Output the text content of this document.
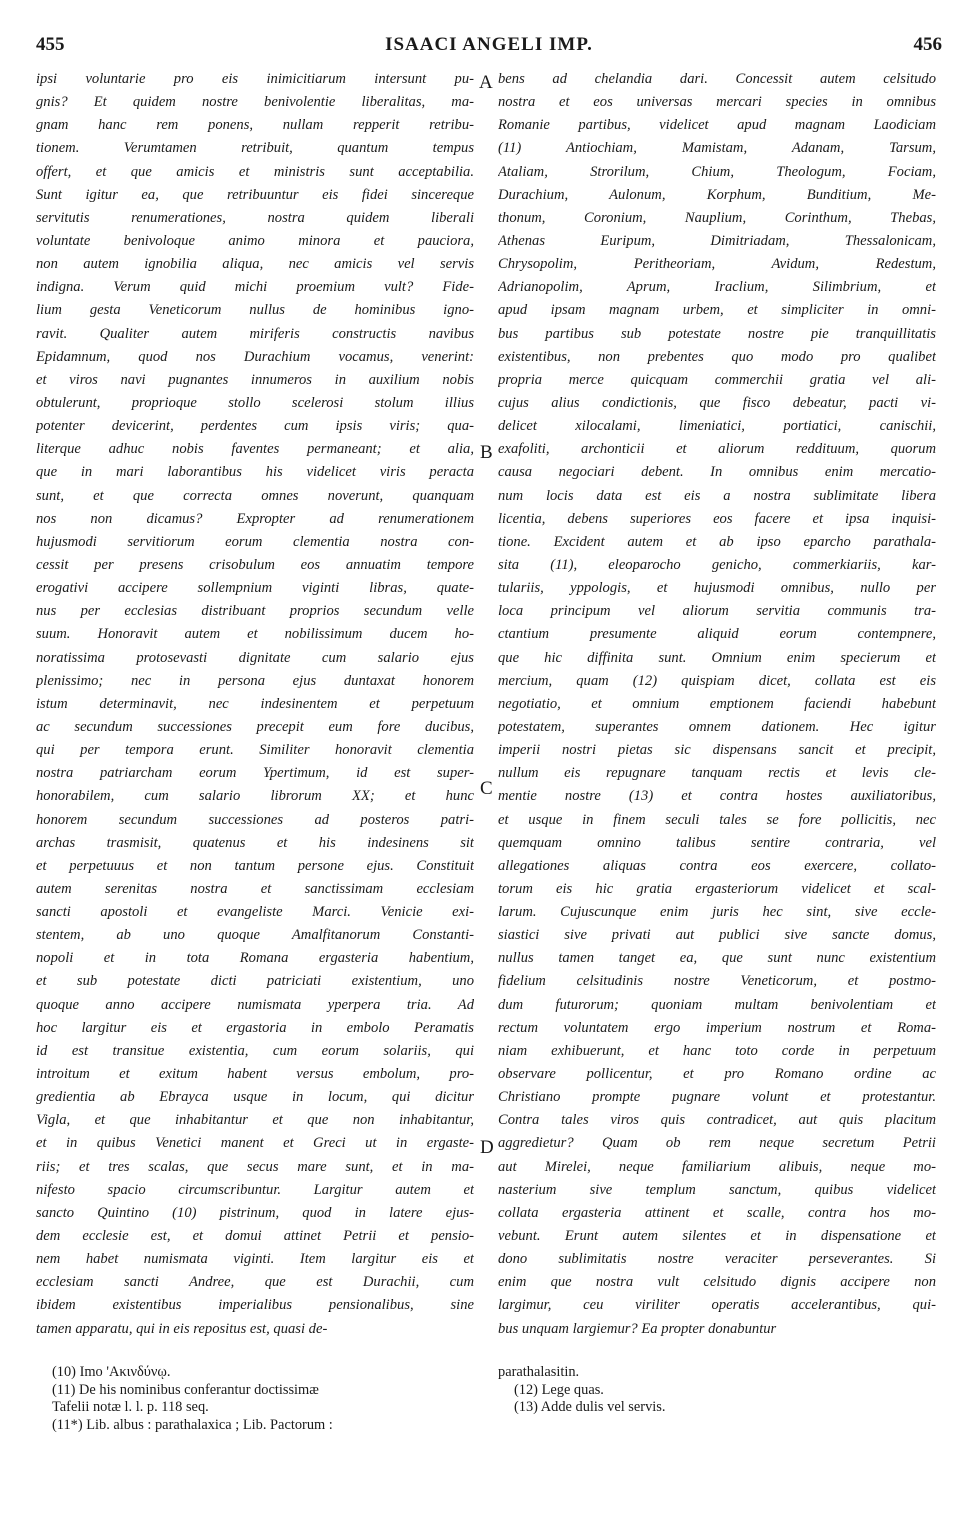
455	ISAACI ANGELI IMP.	456
A
B
C
D
ipsi voluntarie pro eis inimicitiarum intersunt pu-
gnis? Et quidem nostre benivolentie liberalitas, ma-
gnam hanc rem ponens, nullam repperit retribu-
tionem. Verumtamen retribuit, quantum tempus
offert, et que amicis et ministris sunt acceptabilia.
Sunt igitur ea, que retribuuntur eis fidei sincereque
servitutis renumerationes, nostra quidem liberali
voluntate benivoloque animo minora et pauciora,
non autem ignobilia aliqua, nec amicis vel servis
indigna. Verum quid michi proemium vult? Fide-
lium gesta Veneticorum nullus de hominibus igno-
ravit. Qualiter autem miriferis constructis navibus
Epidamnum, quod nos Durachium vocamus, venerint:
et viros navi pugnantes innumeros in auxilium nobis
obtulerunt, proprioque stollo scelerosi stolum illius
potenter devicerint, perdentes cum ipsis viris; qua-
literque adhuc nobis faventes permaneant; et alia,
que in mari laborantibus his videlicet viris peracta
sunt, et que correcta omnes noverunt, quanquam
nos non dicamus? Expropter ad renumerationem
hujusmodi servitiorum eorum clementia nostra con-
cessit per presens crisobulum eos annuatim tempore
erogativi accipere sollempnium viginti libras, quate-
nus per ecclesias distribuant proprios secundum velle
suum. Honoravit autem et nobilissimum ducem ho-
noratissima protosevasti dignitate cum salario ejus
plenissimo; nec in persona ejus duntaxat honorem
istum determinavit, nec indesinentem et perpetuum
ac secundum successiones precepit eum fore ducibus,
qui per tempora erunt. Similiter honoravit clementia
nostra patriarcham eorum Ypertimum, id est super-
honorabilem, cum salario librorum XX; et hunc
honorem secundum successiones ad posteros patri-
archas trasmisit, quatenus et his indesinens sit
et perpetuuus et non tantum persone ejus. Constituit
autem serenitas nostra et sanctissimam ecclesiam
sancti apostoli et evangeliste Marci. Venicie exi-
stentem, ab uno quoque Amalfitanorum Constanti-
nopoli et in tota Romana ergasteria habentium,
et sub potestate dicti patriciati existentium, uno
quoque anno accipere numismata yperpera tria. Ad
hoc largitur eis et ergastoria in embolo Peramatis
id est transitue existentia, cum eorum solariis, qui
introitum et exitum habent versus embolum, pro-
gredientia ab Ebrayca usque in locum, qui dicitur
Vigla, et que inhabitantur et que non inhabitantur,
et in quibus Venetici manent et Greci ut in ergaste-
riis; et tres scalas, que secus mare sunt, et in ma-
nifesto spacio circumscribuntur. Largitur autem et
sancto Quintino (10) pistrinum, quod in latere ejus-
dem ecclesie est, et domui attinet Petrii et pensio-
nem habet numismata viginti. Item largitur eis et
ecclesiam sancti Andree, que est Durachii, cum
ibidem existentibus imperialibus pensionalibus, sine
tamen apparatu, qui in eis repositus est, quasi de-
bens ad chelandia dari. Concessit autem celsitudo
nostra et eos universas mercari species in omnibus
Romanie partibus, videlicet apud magnam Laodiciam
(11) Antiochiam, Mamistam, Adanam, Tarsum,
Ataliam, Strorilum, Chium, Theologum, Fociam,
Durachium, Aulonum, Korphum, Bunditium, Me-
thonum, Coronium, Nauplium, Corinthum, Thebas,
Athenas Euripum, Dimitriadam, Thessalonicam,
Chrysopolim, Peritheoriam, Avidum, Redestum,
Adrianopolim, Aprum, Iraclium, Silimbrium, et
apud ipsam magnam urbem, et simpliciter in omni-
bus partibus sub potestate nostre pie tranquillitatis
existentibus, non prebentes quo modo pro qualibet
propria merce quicquam commerchii gratia vel ali-
cujus alius condictionis, que fisco debeatur, pacti vi-
delicet xilocalami, limeniatici, portiatici, canischii,
exafoliti, archonticii et aliorum reddituum, quorum
causa negociari debent. In omnibus enim mercatio-
num locis data est eis a nostra sublimitate libera
licentia, debens superiores eos facere et ipsa inquisi-
tione. Excident autem et ab ipso eparcho parathala-
sita (11), eleoparocho genicho, commerkiariis, kar-
tulariis, yppologis, et hujusmodi omnibus, nullo per
loca principum vel aliorum servitia communis tra-
ctantium presumente aliquid eorum contempnere,
que hic diffinita sunt. Omnium enim specierum et
mercium, quam (12) quispiam dicet, collata est eis
negotiatio, et omnium emptionem faciendi habebunt
potestatem, superantes omnem dationem. Hec igitur
imperii nostri pietas sic dispensans sancit et precipit,
nullum eis repugnare tanquam rectis et levis cle-
mentie nostre (13) et contra hostes auxiliatoribus,
et usque in finem seculi tales se fore pollicitis, nec
quemquam omnino talibus sentire contraria, vel
allegationes aliquas contra eos exercere, collato-
torum eis hic gratia ergasteriorum videlicet et scal-
larum. Cujuscunque enim juris hec sint, sive eccle-
siastici sive privati aut publici sive sancte domus,
nullus tamen tanget ea, que sunt nunc existentium
fidelium celsitudinis nostre Veneticorum, et postmo-
dum futurorum; quoniam multam benivolentiam et
rectum voluntatem ergo imperium nostrum et Roma-
niam exhibuerunt, et hanc toto corde in perpetuum
observare pollicentur, et pro Romano ordine ac
Christiano prompte pugnare volunt et protestantur.
Contra tales viros quis contradicet, aut quis placitum
aggredietur? Quam ob rem neque secretum Petrii
aut Mirelei, neque familiarium alibuis, neque mo-
nasterium sive templum sanctum, quibus videlicet
collata ergasteria attinent et scalle, contra hos mo-
vebunt. Erunt autem silentes et in dispensatione et
dono sublimitatis nostre veraciter perseverantes. Si
enim que nostra vult celsitudo dignis accipere non
largimur, ceu viriliter operatis accelerantibus, qui-
bus unquam largiemur? Ea propter donabuntur
(10) Imo 'Ακινδύνῳ.
(11) De his nominibus conferantur doctissimæ
Tafelii notæ l. l. p. 118 seq.
(11*) Lib. albus : parathalaxica ; Lib. Pactorum :
parathalasitin.
(12) Lege quas.
(13) Adde dulis vel servis.
